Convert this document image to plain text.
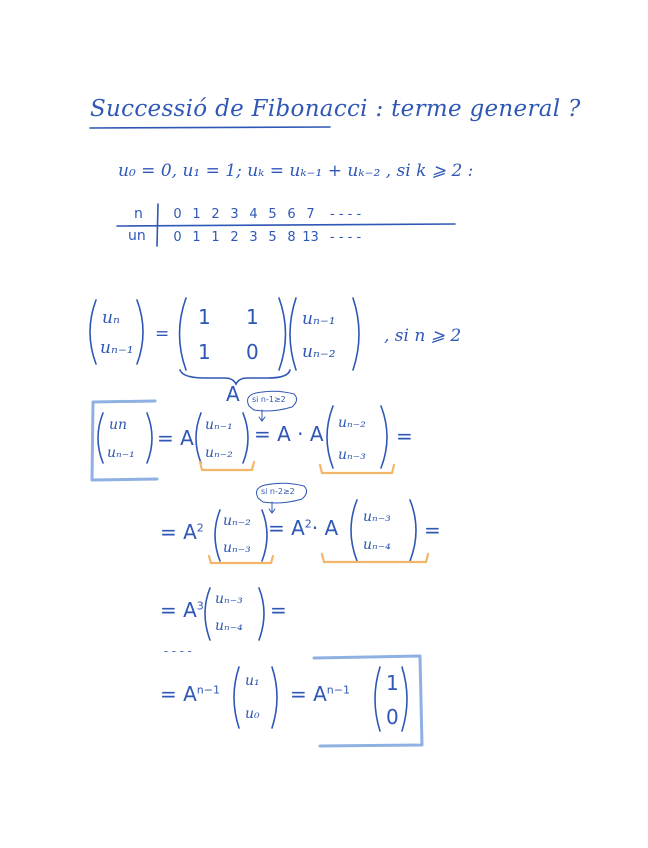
Successió de Fibonacci : terme general ?
u₀ = 0, u₁ = 1; uₖ = uₖ₋₁ + uₖ₋₂ , si k ⩾ 2 :
n
un
0 1 2 3 4 5 6 7	- - - -
0 1 1 2 3 5 8 13 - - - -
uₙ
uₙ₋₁
=
1 1
1 0
uₙ₋₁
uₙ₋₂
, si n ⩾ 2
A
un
uₙ₋₁
= A
uₙ₋₁
uₙ₋₂
si n-1≥2
= A · A uₙ₋₂
uₙ₋₃
=
= $A^2$ uₙ₋₂
uₙ₋₃
si n-2≥2
= $A^2\cdot A$ uₙ₋₃
uₙ₋₄
=
= $A^3$ uₙ₋₃
uₙ₋₄
=
- - - -
= $A^{n-1}$
u₁
u₀
= $A^{n-1}$ 1
0
